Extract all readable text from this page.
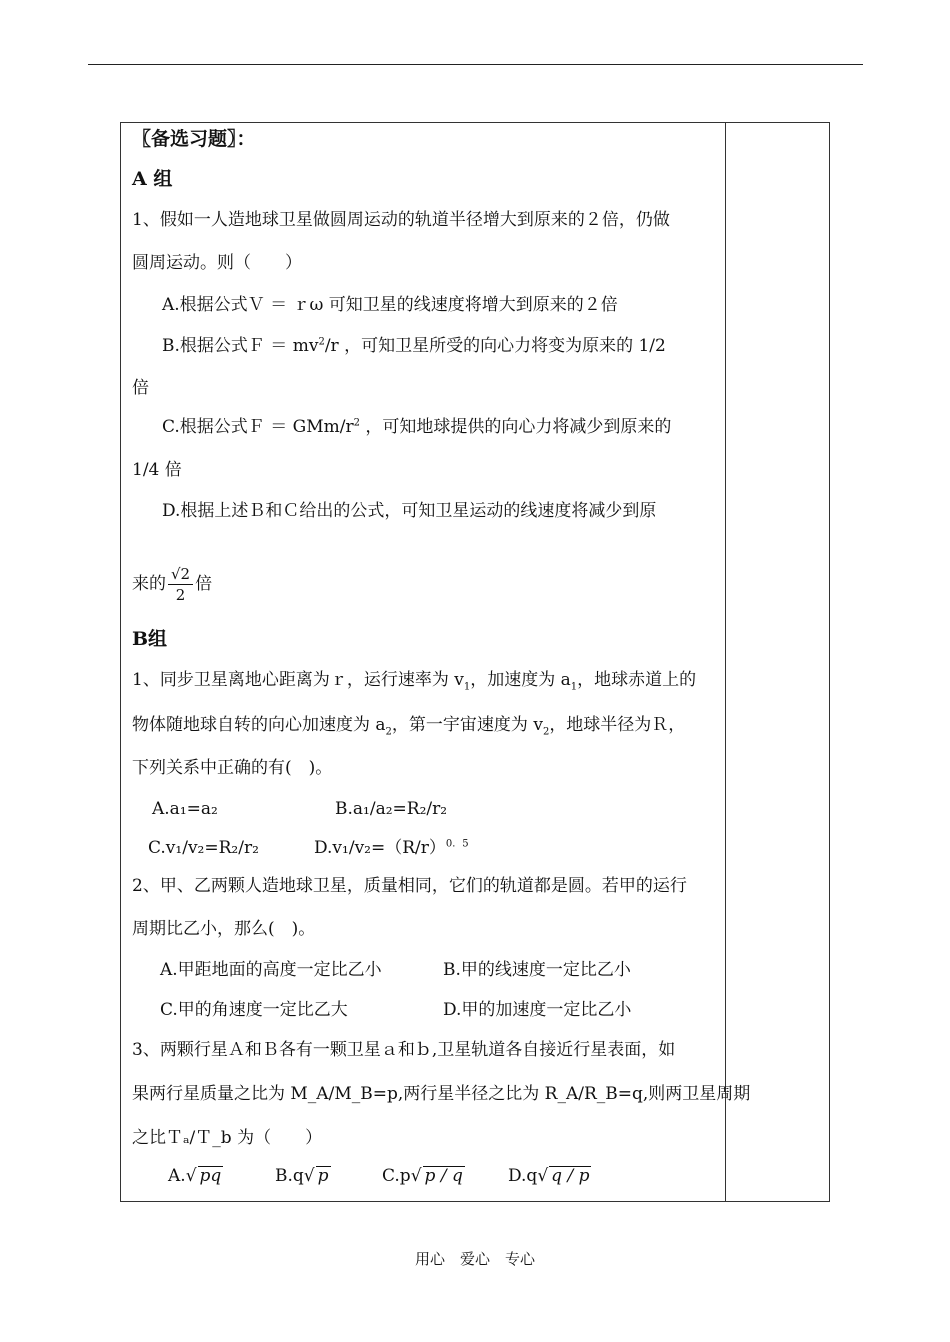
〖备选习题〗：
A 组
1、假如一人造地球卫星做圆周运动的轨道半径增大到原来的２倍，仍做
圆周运动。则（　　）
A.根据公式Ｖ ＝ ｒω 可知卫星的线速度将增大到原来的２倍
B.根据公式Ｆ ＝ $mv^2/r$ ，可知卫星所受的向心力将变为原来的 1/2
倍
C.根据公式Ｆ ＝ GMm/$r^2$ ，可知地球提供的向心力将减少到原来的
1/4 倍
D.根据上述Ｂ和Ｃ给出的公式，可知卫星运动的线速度将减少到原
来的 $\frac{√2}{2}$ 倍
B组
1、同步卫星离地心距离为ｒ，运行速率为 $v_1$，加速度为 $a_1$，地球赤道上的
物体随地球自转的向心加速度为 $a_2$，第一宇宙速度为 $v_2$，地球半径为Ｒ，
下列关系中正确的有(　)。
A.a₁=a₂	B.a₁/a₂=R₂/r₂
C.v₁/v₂=R₂/r₂	$D.v_1/v_2=(R/r)^{0.5}$
2、甲、乙两颗人造地球卫星，质量相同，它们的轨道都是圆。若甲的运行
周期比乙小，那么(　)。
A.甲距地面的高度一定比乙小	B.甲的线速度一定比乙小
C.甲的角速度一定比乙大	D.甲的加速度一定比乙小
3、两颗行星Ａ和Ｂ各有一颗卫星ａ和ｂ,卫星轨道各自接近行星表面，如
果两行星质量之比为 M_A/M_B=p,两行星半径之比为 R_A/R_B=q,则两卫星周期
之比Ｔₐ/Ｔ_b 为（　　）
A.√ pq	B.q√ p	C.p√ p / q	D.q√ q / p
用心　爱心　专心
